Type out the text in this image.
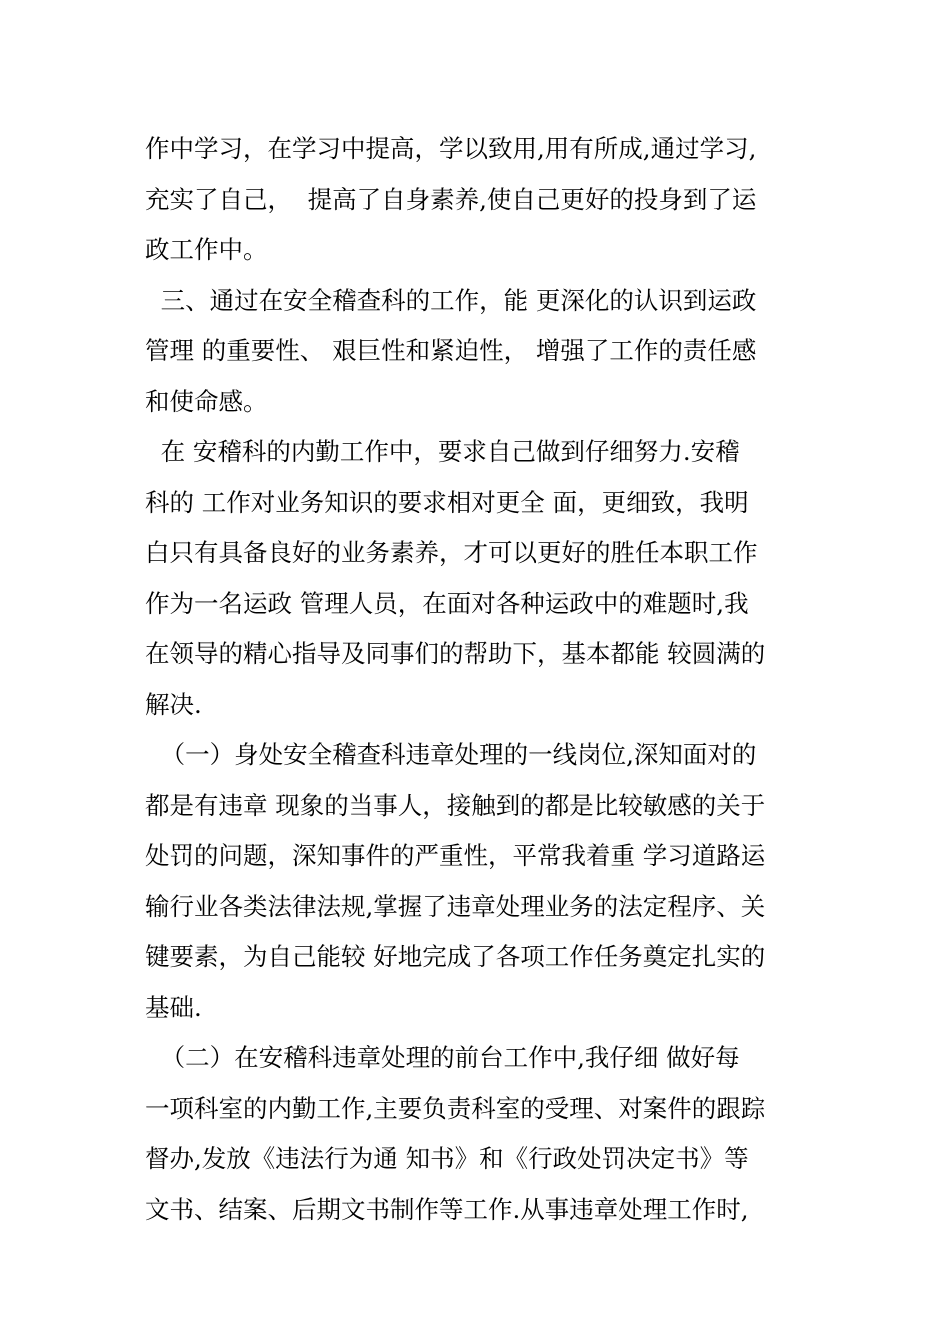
作中学习，在学习中提高，学以致用,用有所成,通过学习,
充实了自己，  提高了自身素养,使自己更好的投身到了运
政工作中。
三、通过在安全稽查科的工作，能 更深化的认识到运政
管理 的重要性、 艰巨性和紧迫性， 增强了工作的责任感
和使命感。
在 安稽科的内勤工作中，要求自己做到仔细努力.安稽
科的 工作对业务知识的要求相对更全 面，更细致，我明
白只有具备良好的业务素养，才可以更好的胜任本职工作
作为一名运政 管理人员，在面对各种运政中的难题时,我
在领导的精心指导及同事们的帮助下，基本都能 较圆满的
解决.
（一）身处安全稽查科违章处理的一线岗位,深知面对的
都是有违章 现象的当事人，接触到的都是比较敏感的关于
处罚的问题，深知事件的严重性，平常我着重 学习道路运
输行业各类法律法规,掌握了违章处理业务的法定程序、关
键要素，为自己能较 好地完成了各项工作任务奠定扎实的
基础.
（二）在安稽科违章处理的前台工作中,我仔细 做好每
一项科室的内勤工作,主要负责科室的受理、对案件的跟踪
督办,发放《违法行为通 知书》和《行政处罚决定书》等
文书、结案、后期文书制作等工作.从事违章处理工作时,
